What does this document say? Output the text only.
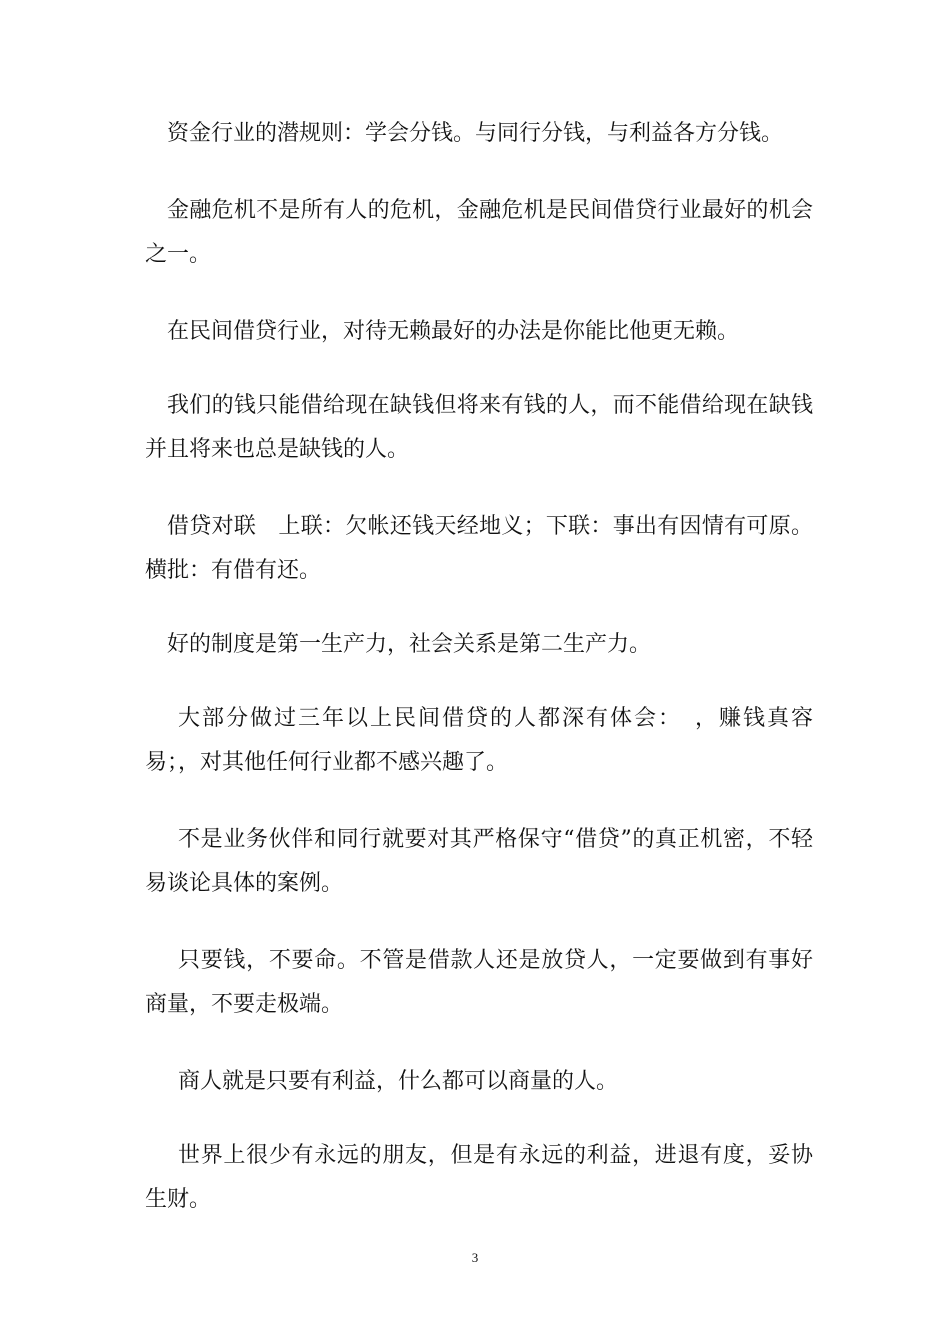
资金行业的潜规则：学会分钱。与同行分钱，与利益各方分钱。

金融危机不是所有人的危机，金融危机是民间借贷行业最好的机会之一。

在民间借贷行业，对待无赖最好的办法是你能比他更无赖。

我们的钱只能借给现在缺钱但将来有钱的人，而不能借给现在缺钱并且将来也总是缺钱的人。

借贷对联　上联：欠帐还钱天经地义；下联：事出有因情有可原。横批：有借有还。

好的制度是第一生产力，社会关系是第二生产力。

大部分做过三年以上民间借贷的人都深有体会：　，赚钱真容易；，对其他任何行业都不感兴趣了。

不是业务伙伴和同行就要对其严格保守“借贷”的真正机密，不轻易谈论具体的案例。

只要钱，不要命。不管是借款人还是放贷人，一定要做到有事好商量，不要走极端。

商人就是只要有利益，什么都可以商量的人。

世界上很少有永远的朋友，但是有永远的利益，进退有度，妥协生财。

3
